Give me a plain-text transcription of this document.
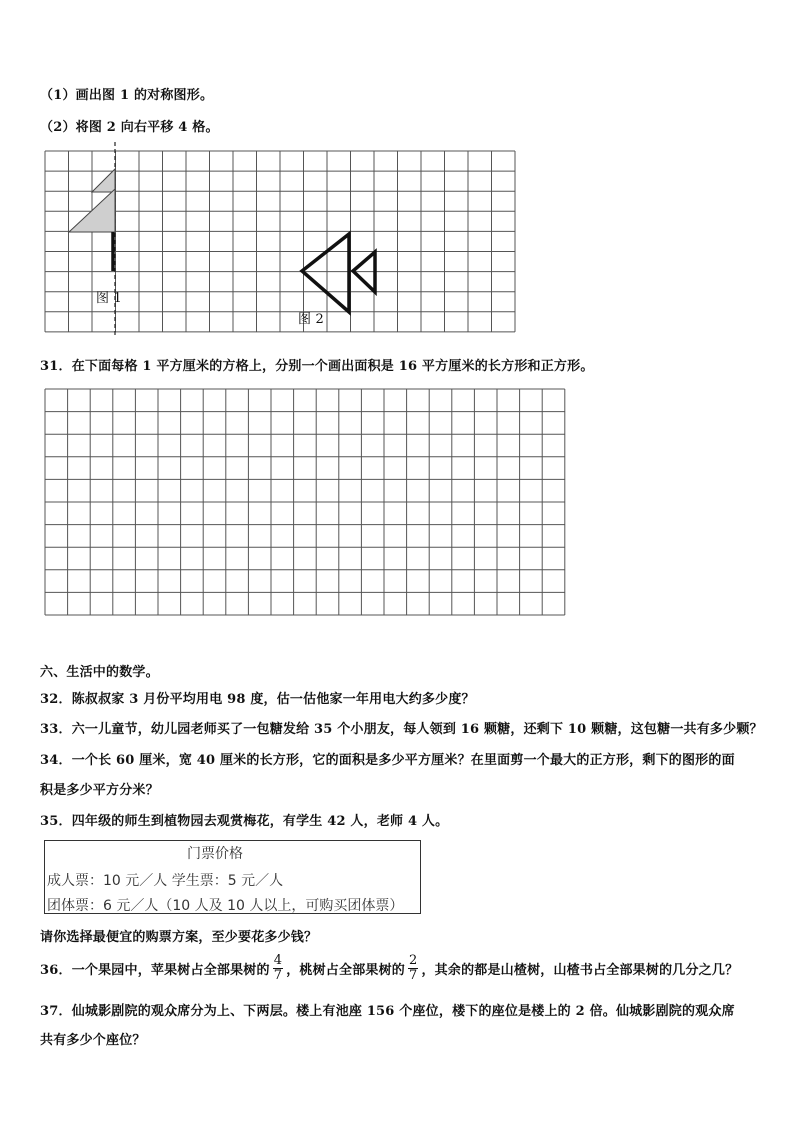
（1）画出图 1 的对称图形。
（2）将图 2 向右平移 4 格。
图 1
图 2
31．在下面每格 1 平方厘米的方格上，分别一个画出面积是 16 平方厘米的长方形和正方形。
六、生活中的数学。
32．陈叔叔家 3 月份平均用电 98 度，估一估他家一年用电大约多少度？
33．六一儿童节，幼儿园老师买了一包糖发给 35 个小朋友，每人领到 16 颗糖，还剩下 10 颗糖，这包糖一共有多少颗？
34．一个长 60 厘米，宽 40 厘米的长方形，它的面积是多少平方厘米？在里面剪一个最大的正方形，剩下的图形的面
积是多少平方分米？
35．四年级的师生到植物园去观赏梅花，有学生 42 人，老师 4 人。
门票价格
成人票：10 元／人 学生票：5 元／人
团体票：6 元／人（10 人及 10 人以上，可购买团体票）
请你选择最便宜的购票方案，至少要花多少钱？
36．一个果园中，苹果树占全部果树的 $\frac{4}{7}$ ，桃树占全部果树的 $\frac{2}{7}$ ，其余的都是山楂树，山楂书占全部果树的几分之几？
37．仙城影剧院的观众席分为上、下两层。楼上有池座 156 个座位，楼下的座位是楼上的 2 倍。仙城影剧院的观众席
共有多少个座位？
